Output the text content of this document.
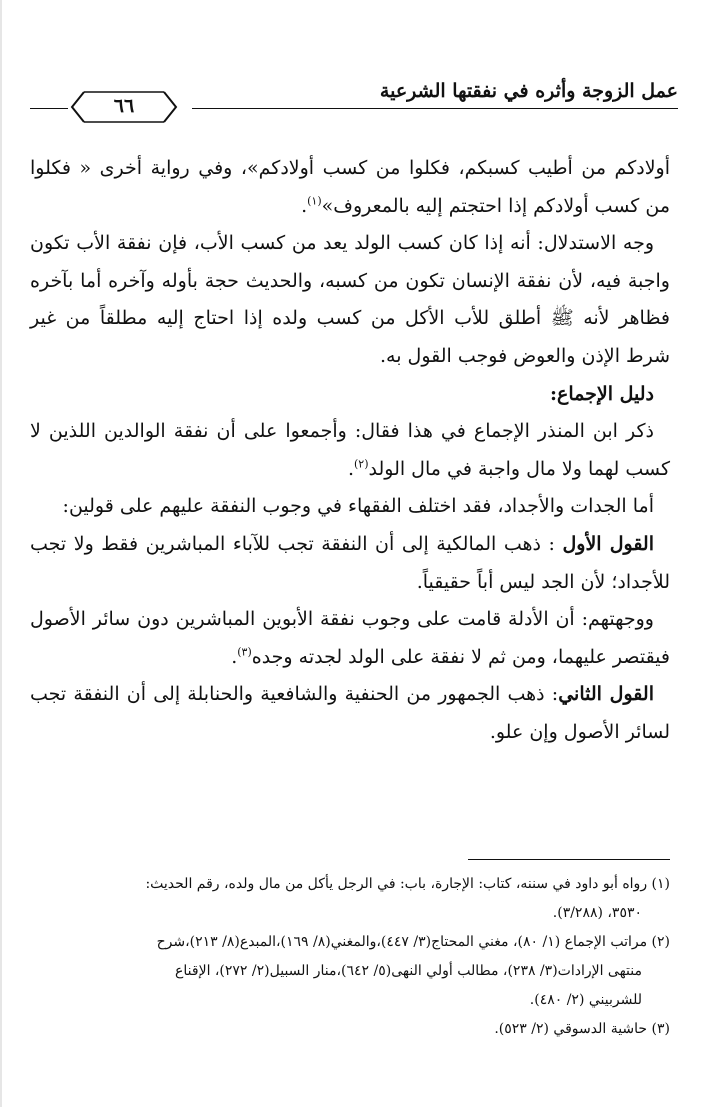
عمل الزوجة وأثره في نفقتها الشرعية
٦٦

أولادكم من أطيب كسبكم، فكلوا من كسب أولادكم»، وفي رواية أخرى « فكلوا من كسب أولادكم إذا احتجتم إليه بالمعروف»$^{(١)}$.

وجه الاستدلال: أنه إذا كان كسب الولد يعد من كسب الأب، فإن نفقة الأب تكون واجبة فيه، لأن نفقة الإنسان تكون من كسبه، والحديث حجة بأوله وآخره أما بآخره فظاهر لأنه ﷺ أطلق للأب الأكل من كسب ولده إذا احتاج إليه مطلقاً من غير شرط الإذن والعوض فوجب القول به.

دليل الإجماع:

ذكر ابن المنذر الإجماع في هذا فقال: وأجمعوا على أن نفقة الوالدين اللذين لا كسب لهما ولا مال واجبة في مال الولد$^{(٢)}$.

أما الجدات والأجداد، فقد اختلف الفقهاء في وجوب النفقة عليهم على قولين:

القول الأول : ذهب المالكية إلى أن النفقة تجب للآباء المباشرين فقط ولا تجب للأجداد؛ لأن الجد ليس أباً حقيقياً.

ووجهتهم: أن الأدلة قامت على وجوب نفقة الأبوين المباشرين دون سائر الأصول فيقتصر عليهما، ومن ثم لا نفقة على الولد لجدته وجده$^{(٣)}$.

القول الثاني: ذهب الجمهور من الحنفية والشافعية والحنابلة إلى أن النفقة تجب لسائر الأصول وإن علو.

(١) رواه أبو داود في سننه، كتاب: الإجارة، باب: في الرجل يأكل من مال ولده، رقم الحديث:

٣٥٣٠، (٣/٢٨٨).

(٢) مراتب الإجماع (١/ ٨٠)، مغني المحتاج(٣/ ٤٤٧)،والمغني(٨/ ١٦٩)،المبدع(٨/ ٢١٣)،شرح

منتهى الإرادات(٣/ ٢٣٨)، مطالب أولي النهى(٥/ ٦٤٢)،منار السبيل(٢/ ٢٧٢)، الإقناع

للشربيني (٢/ ٤٨٠).

(٣) حاشية الدسوقي (٢/ ٥٢٣).
